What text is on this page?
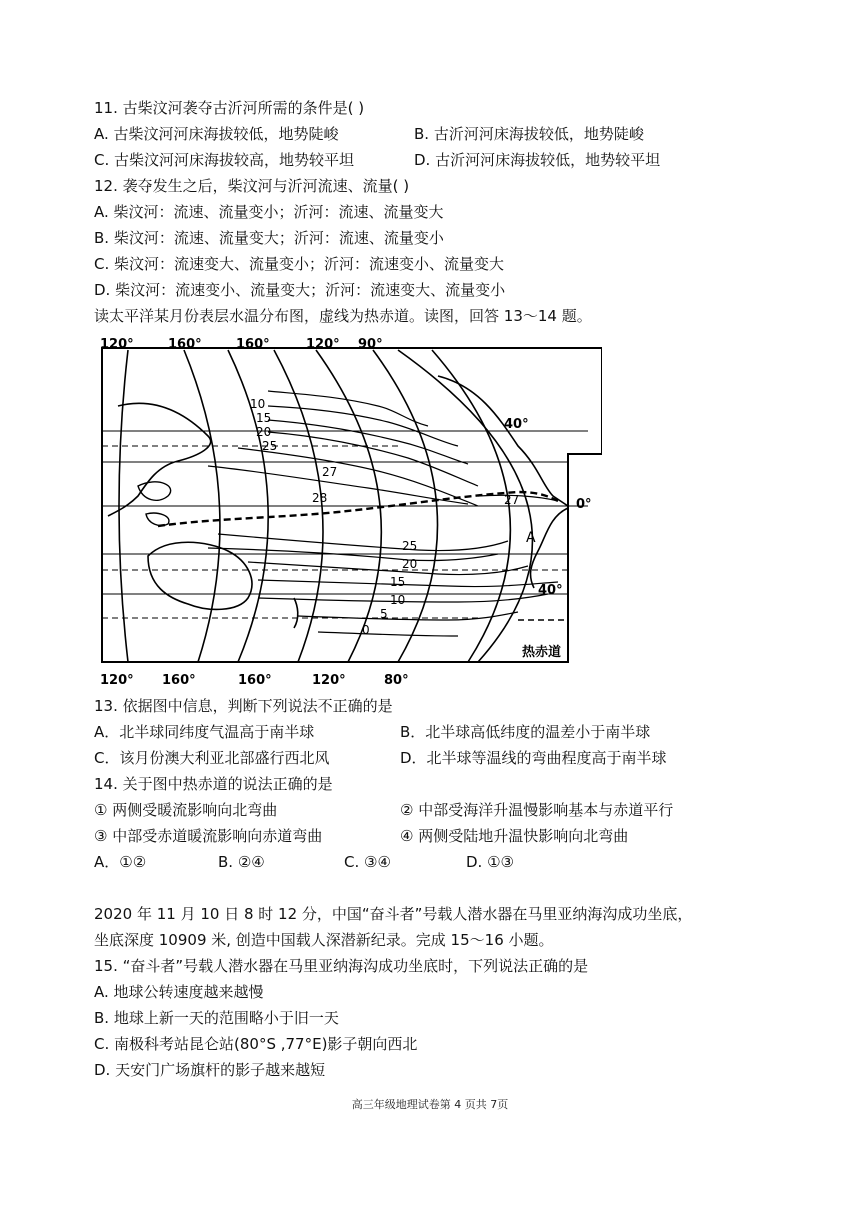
11. 古柴汶河袭夺古沂河所需的条件是( )
A. 古柴汶河河床海拔较低，地势陡峻	B. 古沂河河床海拔较低，地势陡峻
C. 古柴汶河河床海拔较高，地势较平坦	D. 古沂河河床海拔较低，地势较平坦
12. 袭夺发生之后，柴汶河与沂河流速、流量( )
A. 柴汶河：流速、流量变小；沂河：流速、流量变大
B. 柴汶河：流速、流量变大；沂河：流速、流量变小
C. 柴汶河：流速变大、流量变小；沂河：流速变小、流量变大
D. 柴汶河：流速变小、流量变大；沂河：流速变大、流量变小
读太平洋某月份表层水温分布图，虚线为热赤道。读图，回答 13～14 题。
120°	160°	160°	120° 90°
120° 160°	160°	120°	80°
40°
0°
40°
10
15
20
25
27
28	27
25
20
15
10
5
0
A
热赤道
13. 依据图中信息，判断下列说法不正确的是
A．北半球同纬度气温高于南半球	B．北半球高低纬度的温差小于南半球
C．该月份澳大利亚北部盛行西北风	D．北半球等温线的弯曲程度高于南半球
14. 关于图中热赤道的说法正确的是
① 两侧受暖流影响向北弯曲	② 中部受海洋升温慢影响基本与赤道平行
③ 中部受赤道暖流影响向赤道弯曲	④ 两侧受陆地升温快影响向北弯曲
A．①②	B. ②④	C. ③④	D. ①③
2020 年 11 月 10 日 8 时 12 分，中国“奋斗者”号载人潜水器在马里亚纳海沟成功坐底，
坐底深度 10909 米, 创造中国载人深潜新纪录。完成 15～16 小题。
15. “奋斗者”号载人潜水器在马里亚纳海沟成功坐底时，下列说法正确的是
A. 地球公转速度越来越慢
B. 地球上新一天的范围略小于旧一天
C. 南极科考站昆仑站(80°S ,77°E)影子朝向西北
D. 天安门广场旗杆的影子越来越短
高三年级地理试卷第 4 页共 7页
